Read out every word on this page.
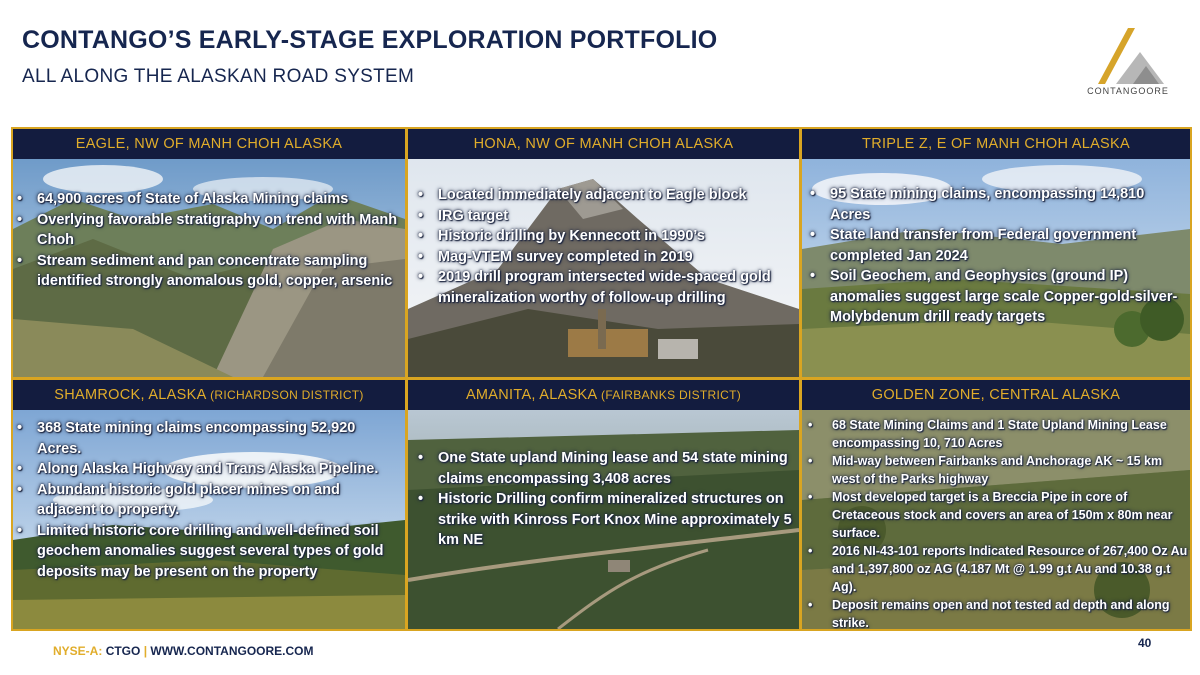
CONTANGO’S EARLY-STAGE EXPLORATION PORTFOLIO
ALL ALONG THE ALASKAN ROAD SYSTEM
CONTANGOORE
EAGLE, NW OF MANH CHOH ALASKA
• 64,900 acres of State of Alaska Mining claims
• Overlying favorable stratigraphy on trend with Manh Choh
• Stream sediment and pan concentrate sampling identified strongly anomalous gold, copper, arsenic
HONA, NW OF MANH CHOH ALASKA
• Located immediately adjacent to Eagle block
• IRG target
• Historic drilling by Kennecott in 1990’s
• Mag-VTEM survey completed in 2019
• 2019 drill program intersected wide-spaced gold mineralization worthy of follow-up drilling
TRIPLE Z, E OF MANH CHOH ALASKA
• 95 State mining claims, encompassing 14,810 Acres
• State land transfer from Federal government completed Jan 2024
• Soil Geochem, and Geophysics (ground IP) anomalies suggest large scale Copper-gold-silver-Molybdenum drill ready targets
SHAMROCK, ALASKA (RICHARDSON DISTRICT)
• 368 State mining claims encompassing 52,920 Acres.
• Along Alaska Highway and Trans Alaska Pipeline.
• Abundant historic gold placer mines on and adjacent to property.
• Limited historic core drilling and well-defined soil geochem anomalies suggest several types of gold deposits may be present on the property
AMANITA, ALASKA (FAIRBANKS DISTRICT)
• One State upland Mining lease and 54 state mining claims encompassing 3,408 acres
• Historic Drilling confirm mineralized structures on strike with Kinross Fort Knox Mine approximately 5 km NE
GOLDEN ZONE, CENTRAL ALASKA
• 68 State Mining Claims and 1 State Upland Mining Lease encompassing 10, 710 Acres
• Mid-way between Fairbanks and Anchorage AK ~ 15 km west of the Parks highway
• Most developed target is a Breccia Pipe in core of Cretaceous stock and covers an area of 150m x 80m near surface.
• 2016 NI-43-101 reports Indicated Resource of 267,400 Oz Au and 1,397,800 oz AG (4.187 Mt @ 1.99 g.t Au and 10.38 g.t Ag).
• Deposit remains open and not tested ad depth and along strike.
NYSE-A: CTGO | WWW.CONTANGOORE.COM
40
